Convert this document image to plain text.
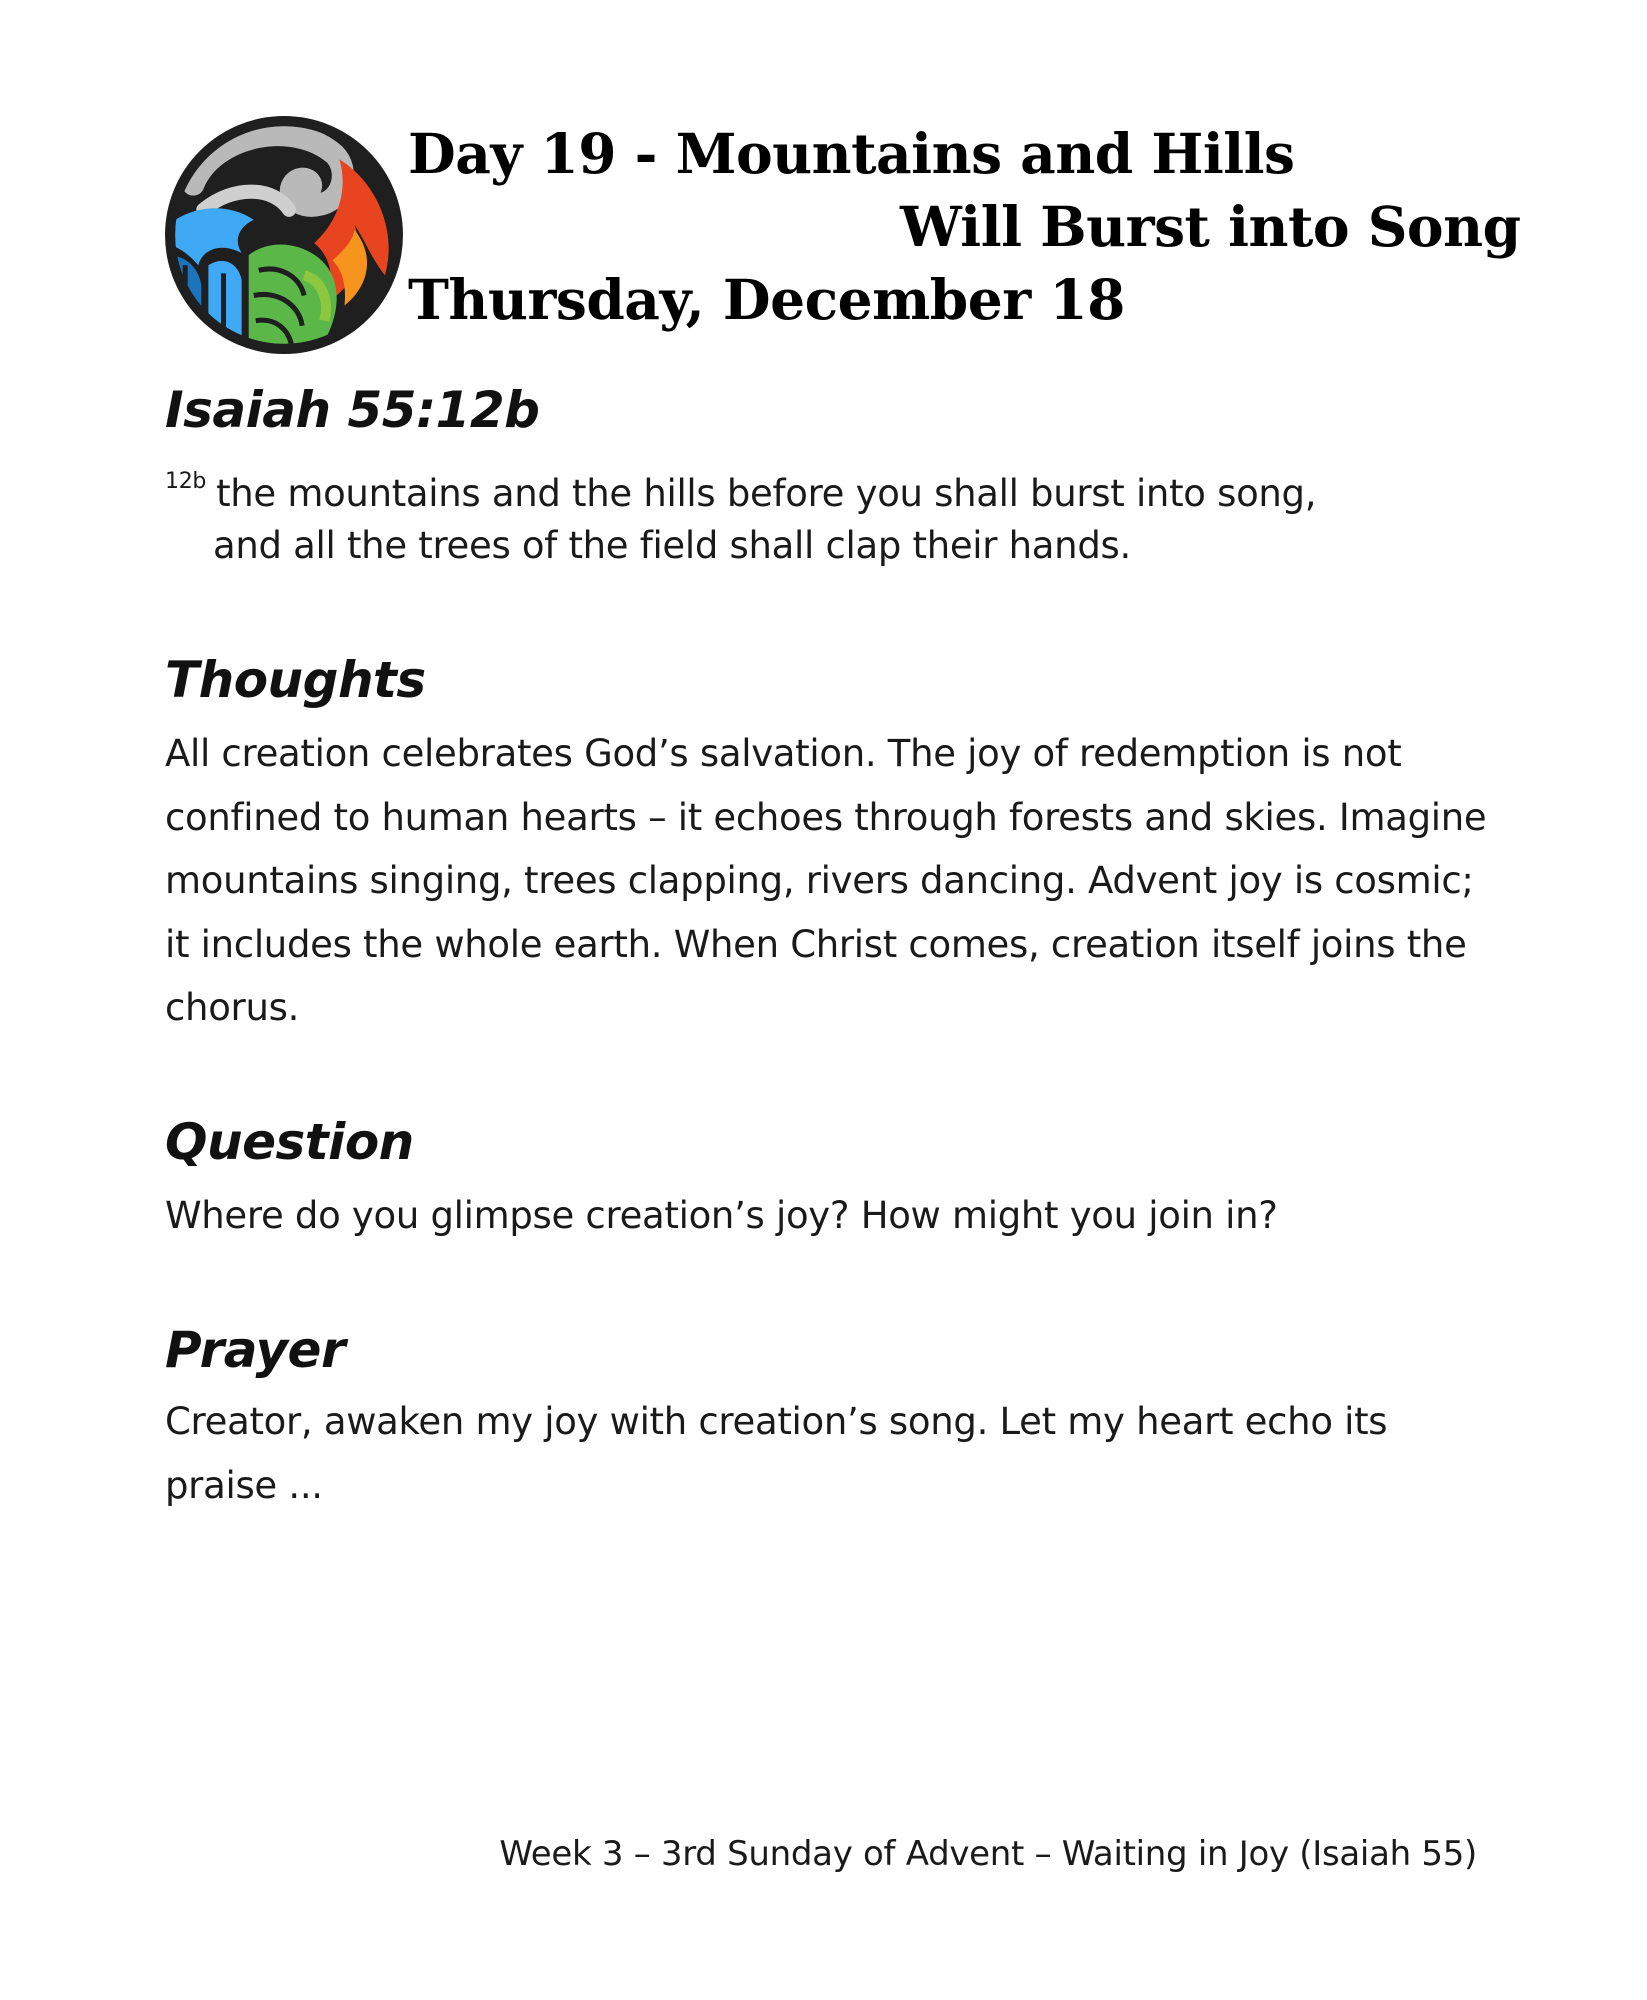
Day 19 - Mountains and Hills
Will Burst into Song
Thursday, December 18
Isaiah 55:12b

$^{12b}$ the mountains and the hills before you shall burst into song,

and all the trees of the field shall clap their hands.

Thoughts

All creation celebrates God’s salvation. The joy of redemption is not confined to human hearts – it echoes through forests and skies. Imagine mountains singing, trees clapping, rivers dancing. Advent joy is cosmic; it includes the whole earth. When Christ comes, creation itself joins the chorus.

Question

Where do you glimpse creation’s joy? How might you join in?

Prayer

Creator, awaken my joy with creation’s song. Let my heart echo its praise ...

Week 3 – 3rd Sunday of Advent – Waiting in Joy (Isaiah 55)
